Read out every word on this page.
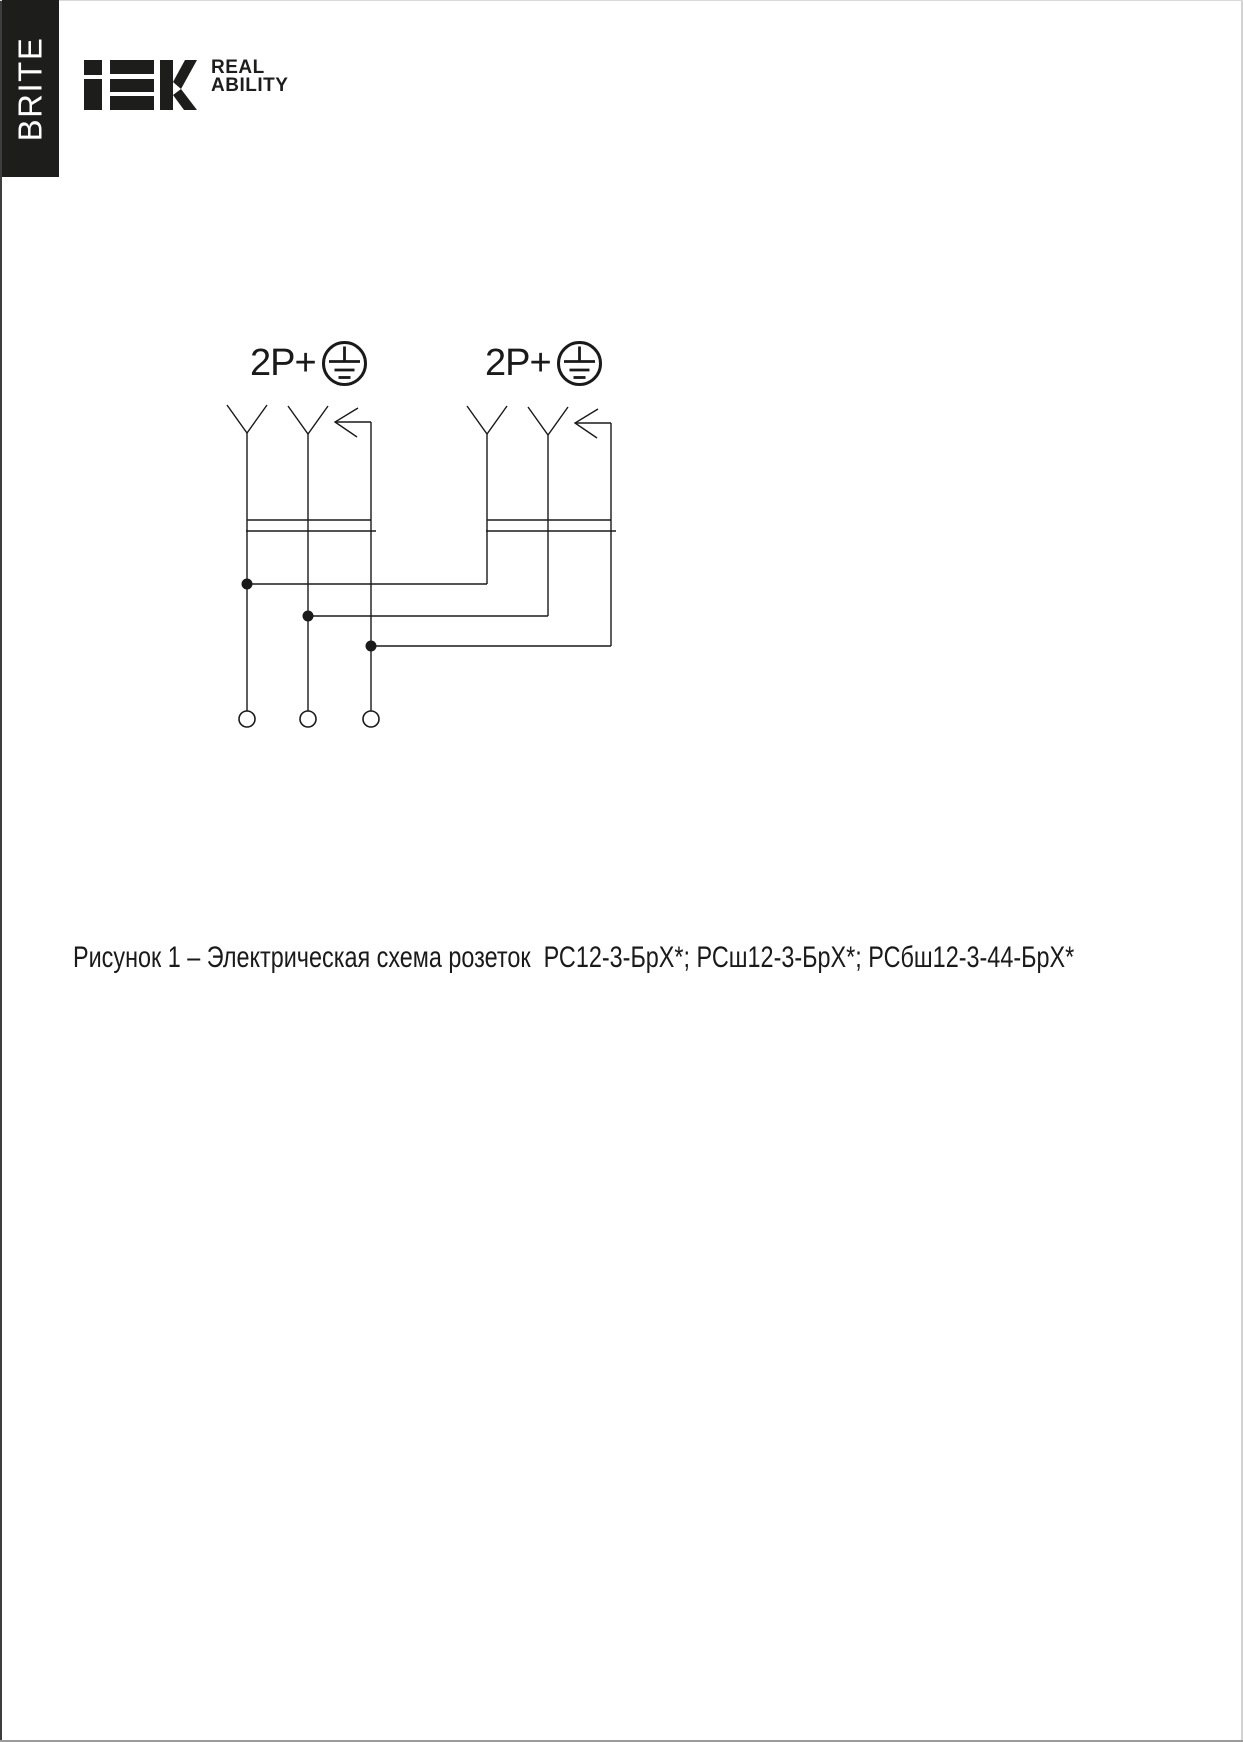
BRITE	REAL
ABILITY
2P+	2P+
Рисунок 1 – Электрическая схема розеток  РС12-3-БрХ*; РСш12-3-БрХ*; РСбш12-3-44-БрХ*
